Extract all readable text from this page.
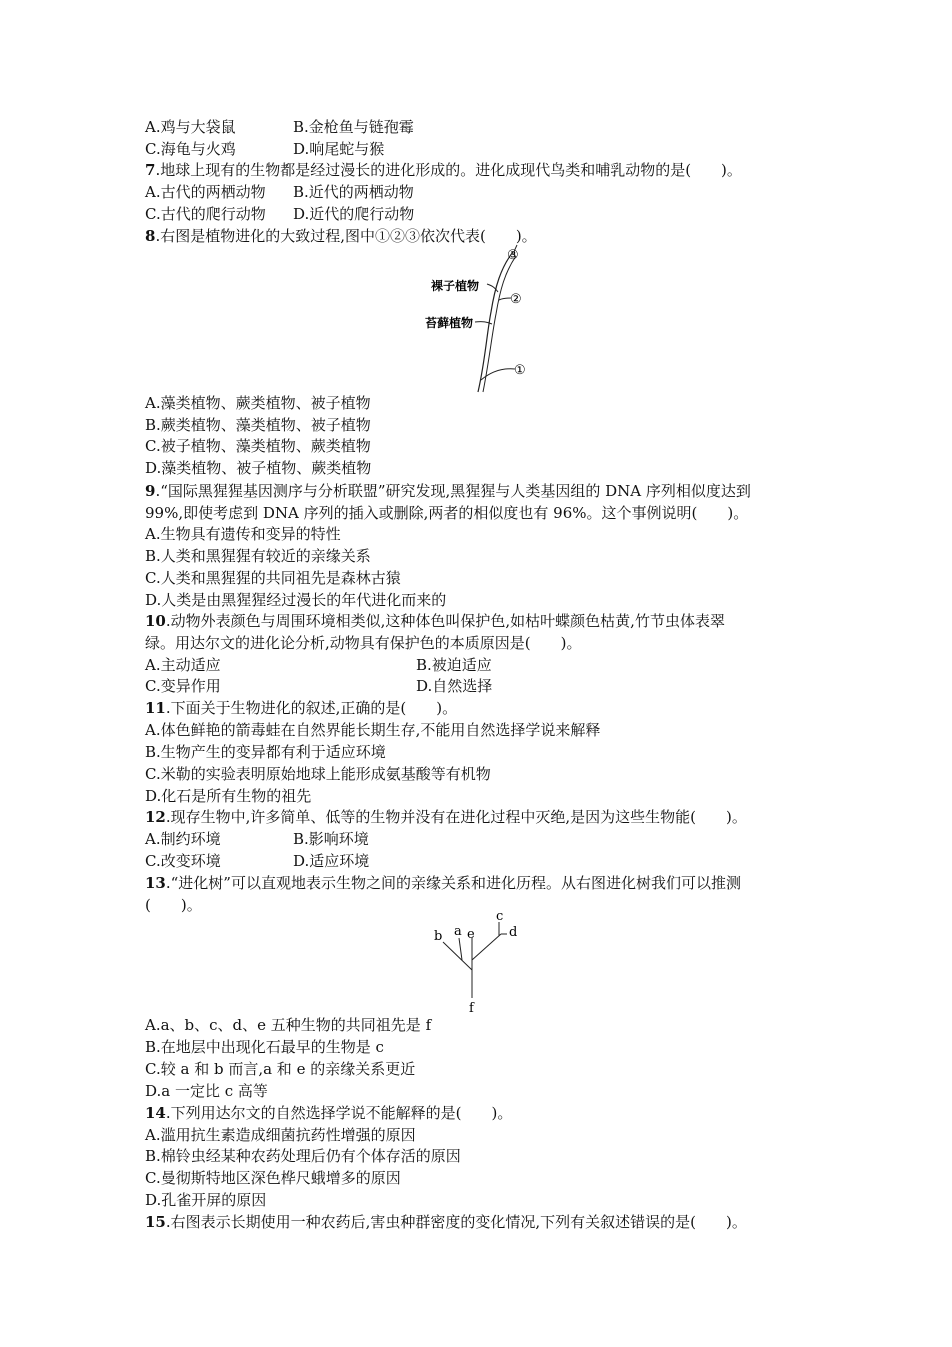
A.鸡与大袋鼠	B.金枪鱼与链孢霉
C.海龟与火鸡	D.响尾蛇与猴
7.地球上现有的生物都是经过漫长的进化形成的。进化成现代鸟类和哺乳动物的是(　　)。
A.古代的两栖动物 B.近代的两栖动物
C.古代的爬行动物 D.近代的爬行动物
8.右图是植物进化的大致过程,图中①②③依次代表(　　)。
③
裸子植物
②
苔藓植物
①
A.藻类植物、蕨类植物、被子植物
B.蕨类植物、藻类植物、被子植物
C.被子植物、藻类植物、蕨类植物
D.藻类植物、被子植物、蕨类植物
9.“国际黑猩猩基因测序与分析联盟”研究发现,黑猩猩与人类基因组的 DNA 序列相似度达到
99%,即使考虑到 DNA 序列的插入或删除,两者的相似度也有 96%。这个事例说明(　　)。
A.生物具有遗传和变异的特性
B.人类和黑猩猩有较近的亲缘关系
C.人类和黑猩猩的共同祖先是森林古猿
D.人类是由黑猩猩经过漫长的年代进化而来的
10.动物外表颜色与周围环境相类似,这种体色叫保护色,如枯叶蝶颜色枯黄,竹节虫体表翠
绿。用达尔文的进化论分析,动物具有保护色的本质原因是(　　)。
A.主动适应	B.被迫适应
C.变异作用	D.自然选择
11.下面关于生物进化的叙述,正确的是(　　)。
A.体色鲜艳的箭毒蛙在自然界能长期生存,不能用自然选择学说来解释
B.生物产生的变异都有利于适应环境
C.米勒的实验表明原始地球上能形成氨基酸等有机物
D.化石是所有生物的祖先
12.现存生物中,许多简单、低等的生物并没有在进化过程中灭绝,是因为这些生物能(　　)。
A.制约环境	B.影响环境
C.改变环境	D.适应环境
13.“进化树”可以直观地表示生物之间的亲缘关系和进化历程。从右图进化树我们可以推测
(　　)。
b a e
c
d
f
A.a、b、c、d、e 五种生物的共同祖先是 f
B.在地层中出现化石最早的生物是 c
C.较 a 和 b 而言,a 和 e 的亲缘关系更近
D.a 一定比 c 高等
14.下列用达尔文的自然选择学说不能解释的是(　　)。
A.滥用抗生素造成细菌抗药性增强的原因
B.棉铃虫经某种农药处理后仍有个体存活的原因
C.曼彻斯特地区深色桦尺蛾增多的原因
D.孔雀开屏的原因
15.右图表示长期使用一种农药后,害虫种群密度的变化情况,下列有关叙述错误的是(　　)。
